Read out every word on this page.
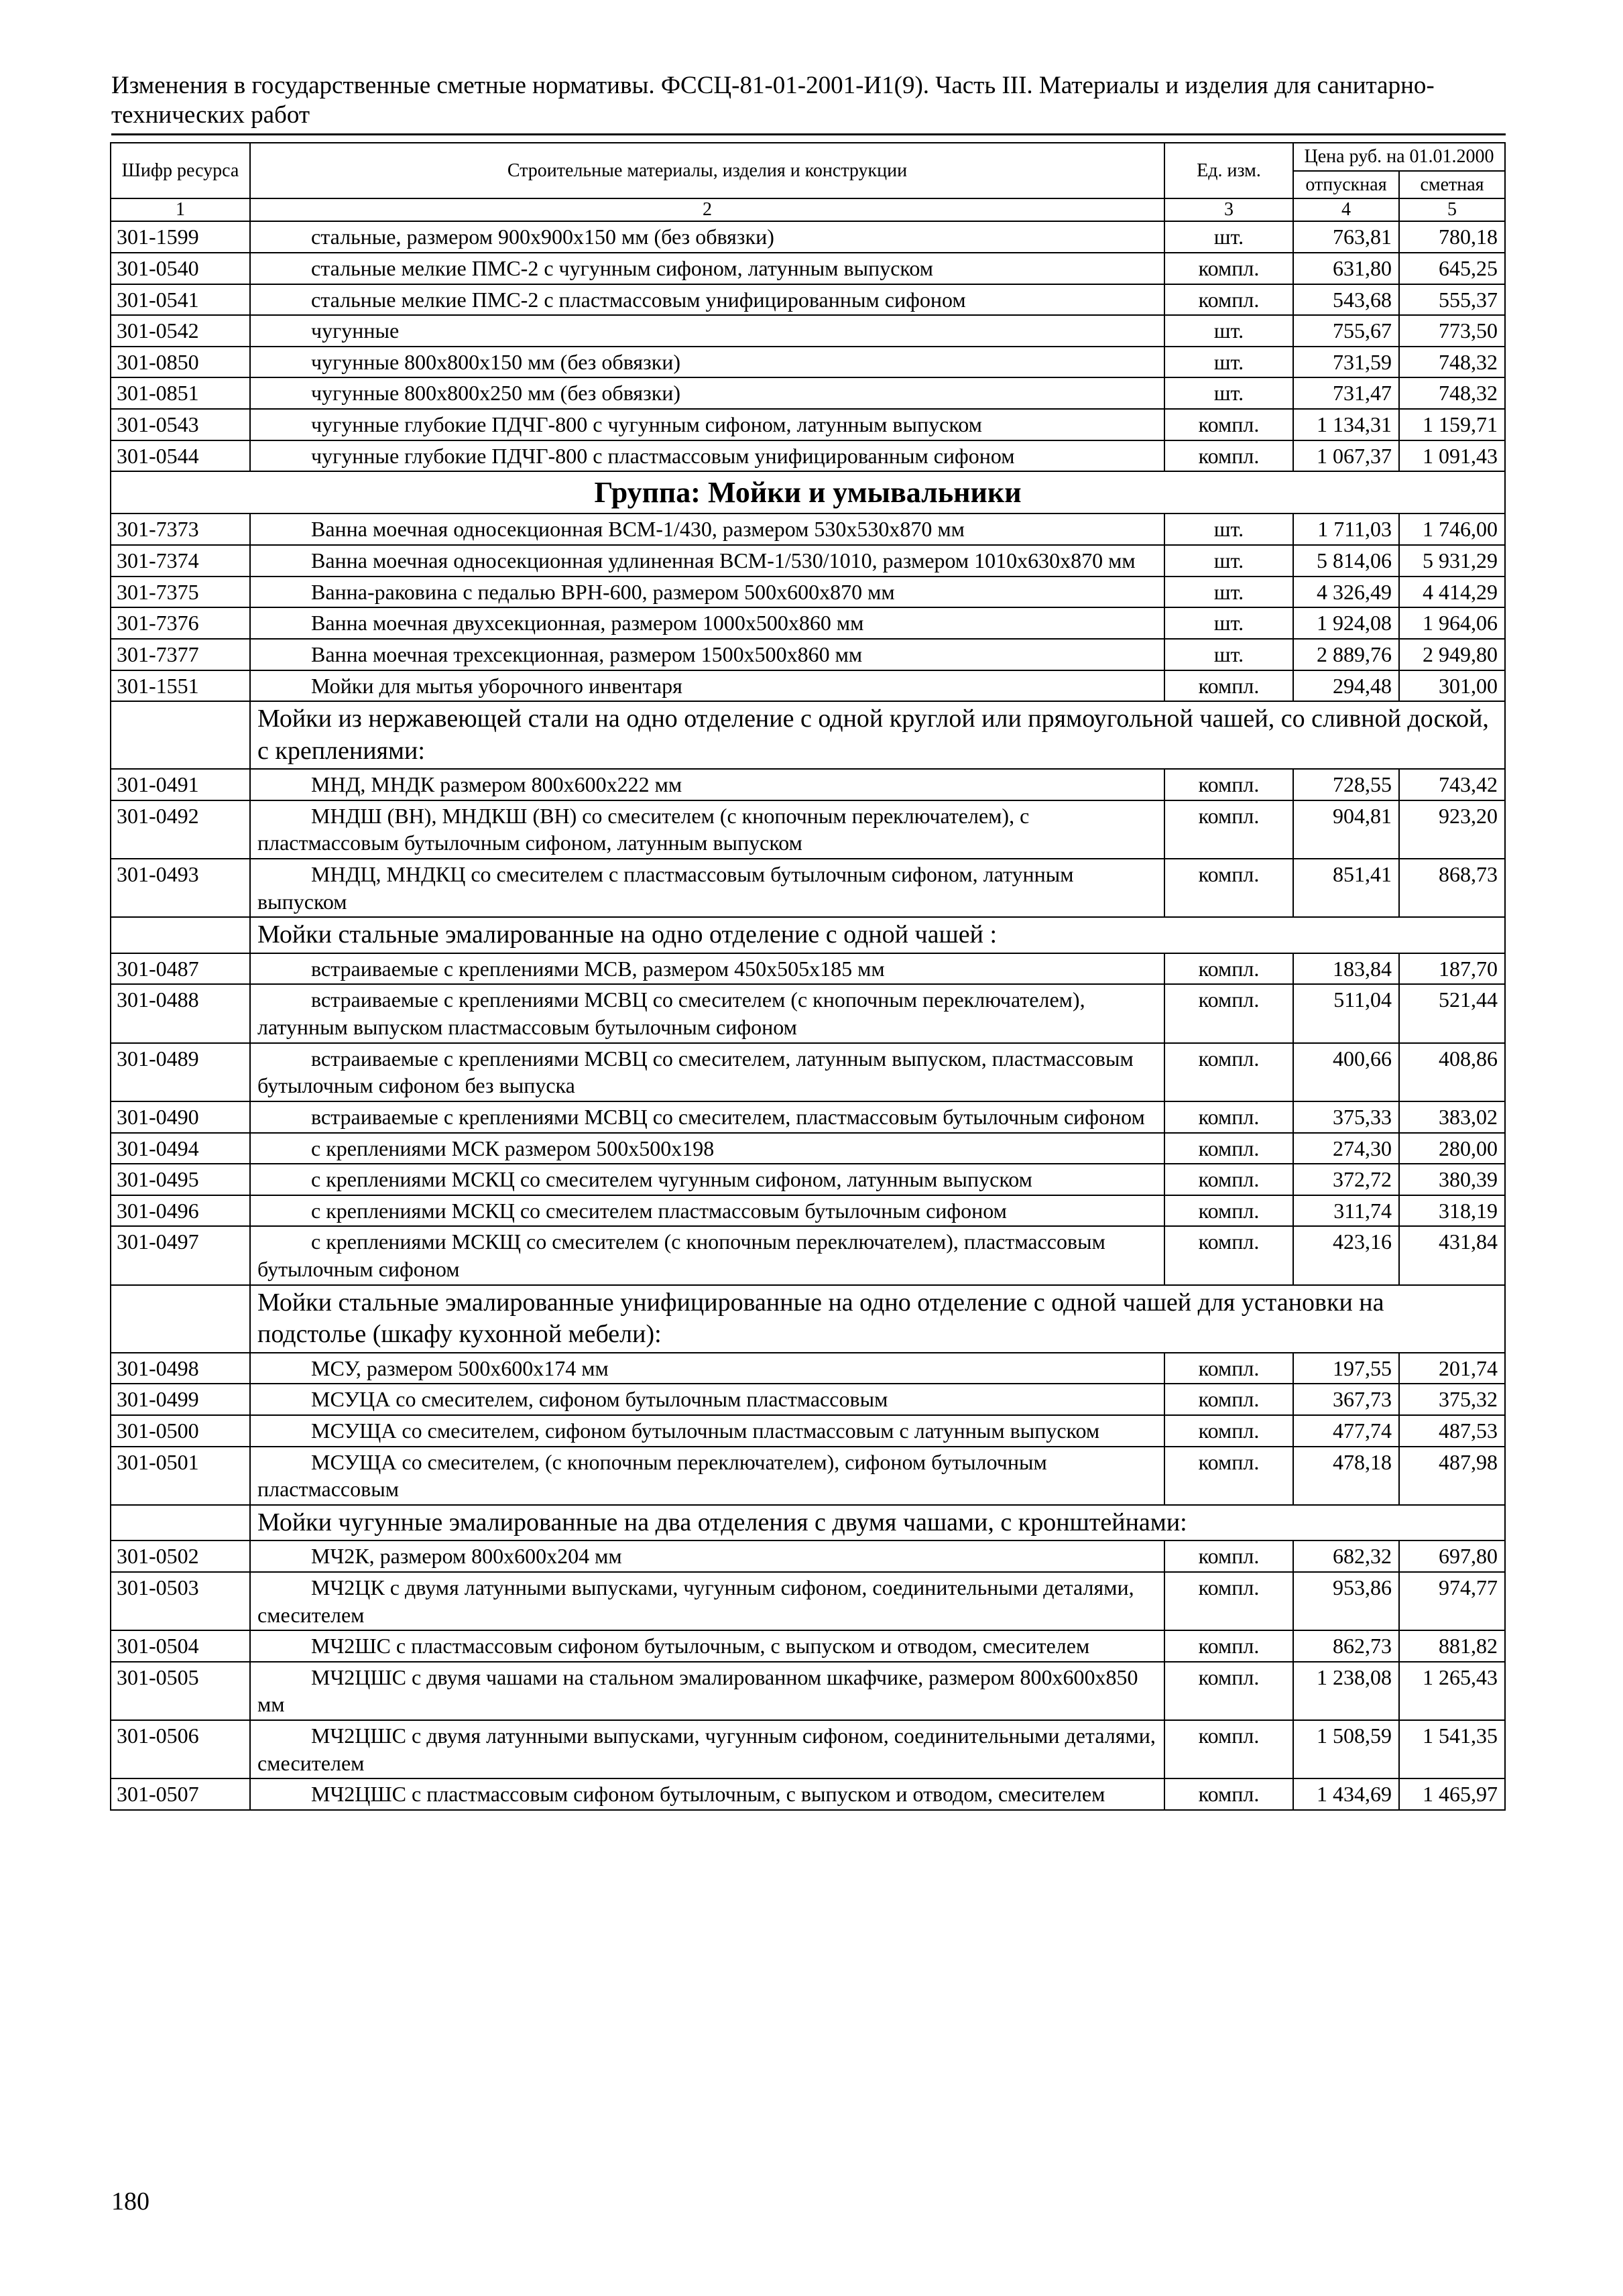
Изменения в государственные сметные нормативы. ФССЦ-81-01-2001-И1(9). Часть III. Материалы и изделия для санитарно-технических работ
Шифр ресурса	Строительные материалы, изделия и конструкции	Ед. изм.	Цена руб. на 01.01.2000	
			отпускная	сметная
1	2	3	4	5
301-1599	стальные, размером 900х900х150 мм (без обвязки)	шт.	763,81	780,18
301-0540	стальные мелкие ПМС-2 с чугунным сифоном, латунным выпуском	компл.	631,80	645,25
301-0541	стальные мелкие ПМС-2 с пластмассовым унифицированным сифоном	компл.	543,68	555,37
301-0542	чугунные	шт.	755,67	773,50
301-0850	чугунные 800х800х150 мм (без обвязки)	шт.	731,59	748,32
301-0851	чугунные 800х800х250 мм (без обвязки)	шт.	731,47	748,32
301-0543	чугунные глубокие ПДЧГ-800 с чугунным сифоном, латунным выпуском	компл.	1 134,31	1 159,71
301-0544	чугунные глубокие ПДЧГ-800 с пластмассовым унифицированным сифоном	компл.	1 067,37	1 091,43
Группа: Мойки и умывальники				
301-7373	Ванна моечная односекционная ВСМ-1/430, размером 530х530х870 мм	шт.	1 711,03	1 746,00
301-7374	Ванна моечная односекционная удлиненная ВСМ-1/530/1010, размером 1010х630х870 мм	шт.	5 814,06	5 931,29
301-7375	Ванна-раковина с педалью ВРН-600, размером 500х600х870 мм	шт.	4 326,49	4 414,29
301-7376	Ванна моечная двухсекционная, размером 1000х500х860 мм	шт.	1 924,08	1 964,06
301-7377	Ванна моечная трехсекционная, размером 1500х500х860 мм	шт.	2 889,76	2 949,80
301-1551	Мойки для мытья уборочного инвентаря	компл.	294,48	301,00
	Мойки из нержавеющей стали на одно отделение с одной круглой или прямоугольной чашей, со сливной доской, с креплениями:			
301-0491	МНД, МНДК размером 800х600х222 мм	компл.	728,55	743,42
301-0492	МНДШ (ВН), МНДКШ (ВН) со смесителем (с кнопочным переключателем), с пластмассовым бутылочным сифоном, латунным выпуском	компл.	904,81	923,20
301-0493	МНДЦ, МНДКЦ со смесителем с пластмассовым бутылочным сифоном, латунным выпуском	компл.	851,41	868,73
	Мойки стальные эмалированные на одно отделение с одной чашей :			
301-0487	встраиваемые с креплениями МСВ, размером 450х505х185 мм	компл.	183,84	187,70
301-0488	встраиваемые с креплениями МСВЦ со смесителем (с кнопочным переключателем), латунным выпуском пластмассовым бутылочным сифоном	компл.	511,04	521,44
301-0489	встраиваемые с креплениями МСВЦ со смесителем, латунным выпуском, пластмассовым бутылочным сифоном без выпуска	компл.	400,66	408,86
301-0490	встраиваемые с креплениями МСВЦ со смесителем, пластмассовым бутылочным сифоном	компл.	375,33	383,02
301-0494	с креплениями МСК размером 500х500х198	компл.	274,30	280,00
301-0495	с креплениями МСКЦ со смесителем чугунным сифоном, латунным выпуском	компл.	372,72	380,39
301-0496	с креплениями МСКЦ со смесителем пластмассовым бутылочным сифоном	компл.	311,74	318,19
301-0497	с креплениями МСКЩ со смесителем (с кнопочным переключателем), пластмассовым бутылочным сифоном	компл.	423,16	431,84
	Мойки стальные эмалированные унифицированные на одно отделение с одной чашей для установки на подстолье (шкафу кухонной мебели):			
301-0498	МСУ, размером 500х600х174 мм	компл.	197,55	201,74
301-0499	МСУЦА со смесителем, сифоном бутылочным пластмассовым	компл.	367,73	375,32
301-0500	МСУЩА со смесителем, сифоном бутылочным пластмассовым с латунным выпуском	компл.	477,74	487,53
301-0501	МСУЩА со смесителем, (с кнопочным переключателем), сифоном бутылочным пластмассовым	компл.	478,18	487,98
	Мойки чугунные эмалированные на два отделения с двумя чашами, с кронштейнами:			
301-0502	МЧ2К, размером 800х600х204 мм	компл.	682,32	697,80
301-0503	МЧ2ЦК с двумя латунными выпусками, чугунным сифоном, соединительными деталями, смесителем	компл.	953,86	974,77
301-0504	МЧ2ШС с пластмассовым сифоном бутылочным, с выпуском и отводом, смесителем	компл.	862,73	881,82
301-0505	МЧ2ЦШС с двумя чашами на стальном эмалированном шкафчике, размером 800х600х850 мм	компл.	1 238,08	1 265,43
301-0506	МЧ2ЦШС с двумя латунными выпусками, чугунным сифоном, соединительными деталями, смесителем	компл.	1 508,59	1 541,35
301-0507	МЧ2ЦШС с пластмассовым сифоном бутылочным, с выпуском и отводом, смесителем	компл.	1 434,69	1 465,97
180
